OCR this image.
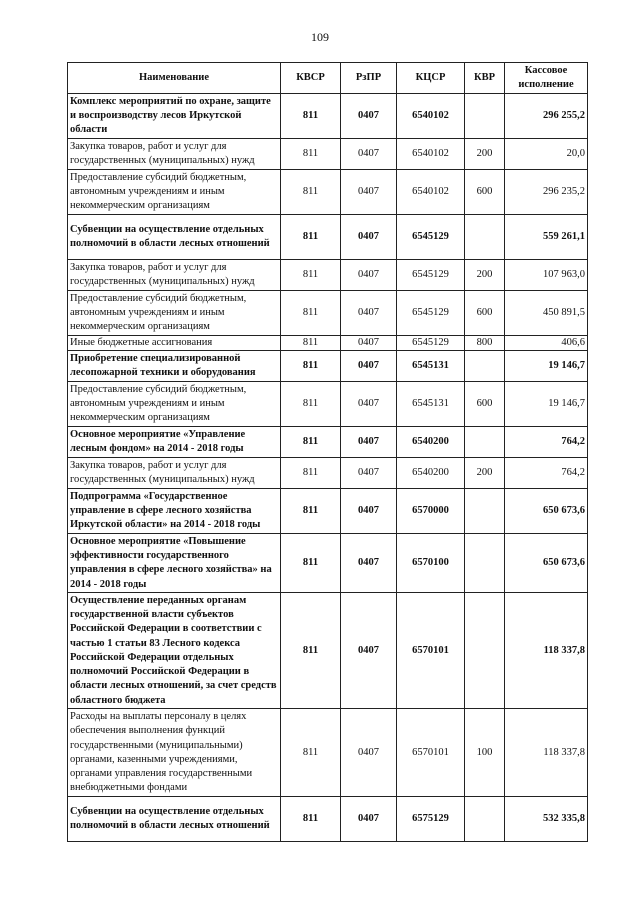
109
Наименование	КВСР	РзПР	КЦСР	КВР	Кассовое исполнение
Комплекс мероприятий по охране, защите и воспроизводству лесов Иркутской области	811	0407	6540102		296 255,2
Закупка товаров, работ и услуг для государственных (муниципальных) нужд	811	0407	6540102	200	20,0
Предоставление субсидий бюджетным, автономным учреждениям и иным некоммерческим организациям	811	0407	6540102	600	296 235,2
Субвенции на осуществление отдельных полномочий в области лесных отношений	811	0407	6545129		559 261,1
Закупка товаров, работ и услуг для государственных (муниципальных) нужд	811	0407	6545129	200	107 963,0
Предоставление субсидий бюджетным, автономным учреждениям и иным некоммерческим организациям	811	0407	6545129	600	450 891,5
Иные бюджетные ассигнования	811	0407	6545129	800	406,6
Приобретение специализированной лесопожарной техники и оборудования	811	0407	6545131		19 146,7
Предоставление субсидий бюджетным, автономным учреждениям и иным некоммерческим организациям	811	0407	6545131	600	19 146,7
Основное мероприятие «Управление лесным фондом» на 2014 - 2018 годы	811	0407	6540200		764,2
Закупка товаров, работ и услуг для государственных (муниципальных) нужд	811	0407	6540200	200	764,2
Подпрограмма «Государственное управление в сфере лесного хозяйства Иркутской области» на 2014 - 2018 годы	811	0407	6570000		650 673,6
Основное мероприятие «Повышение эффективности государственного управления в сфере лесного хозяйства» на 2014 - 2018 годы	811	0407	6570100		650 673,6
Осуществление переданных органам государственной власти субъектов Российской Федерации в соответствии с частью 1 статьи 83 Лесного кодекса Российской Федерации отдельных полномочий Российской Федерации в области лесных отношений, за счет средств областного бюджета	811	0407	6570101		118 337,8
Расходы на выплаты персоналу в целях обеспечения выполнения функций государственными (муниципальными) органами, казенными учреждениями, органами управления государственными внебюджетными фондами	811	0407	6570101	100	118 337,8
Субвенции на осуществление отдельных полномочий в области лесных отношений	811	0407	6575129		532 335,8
